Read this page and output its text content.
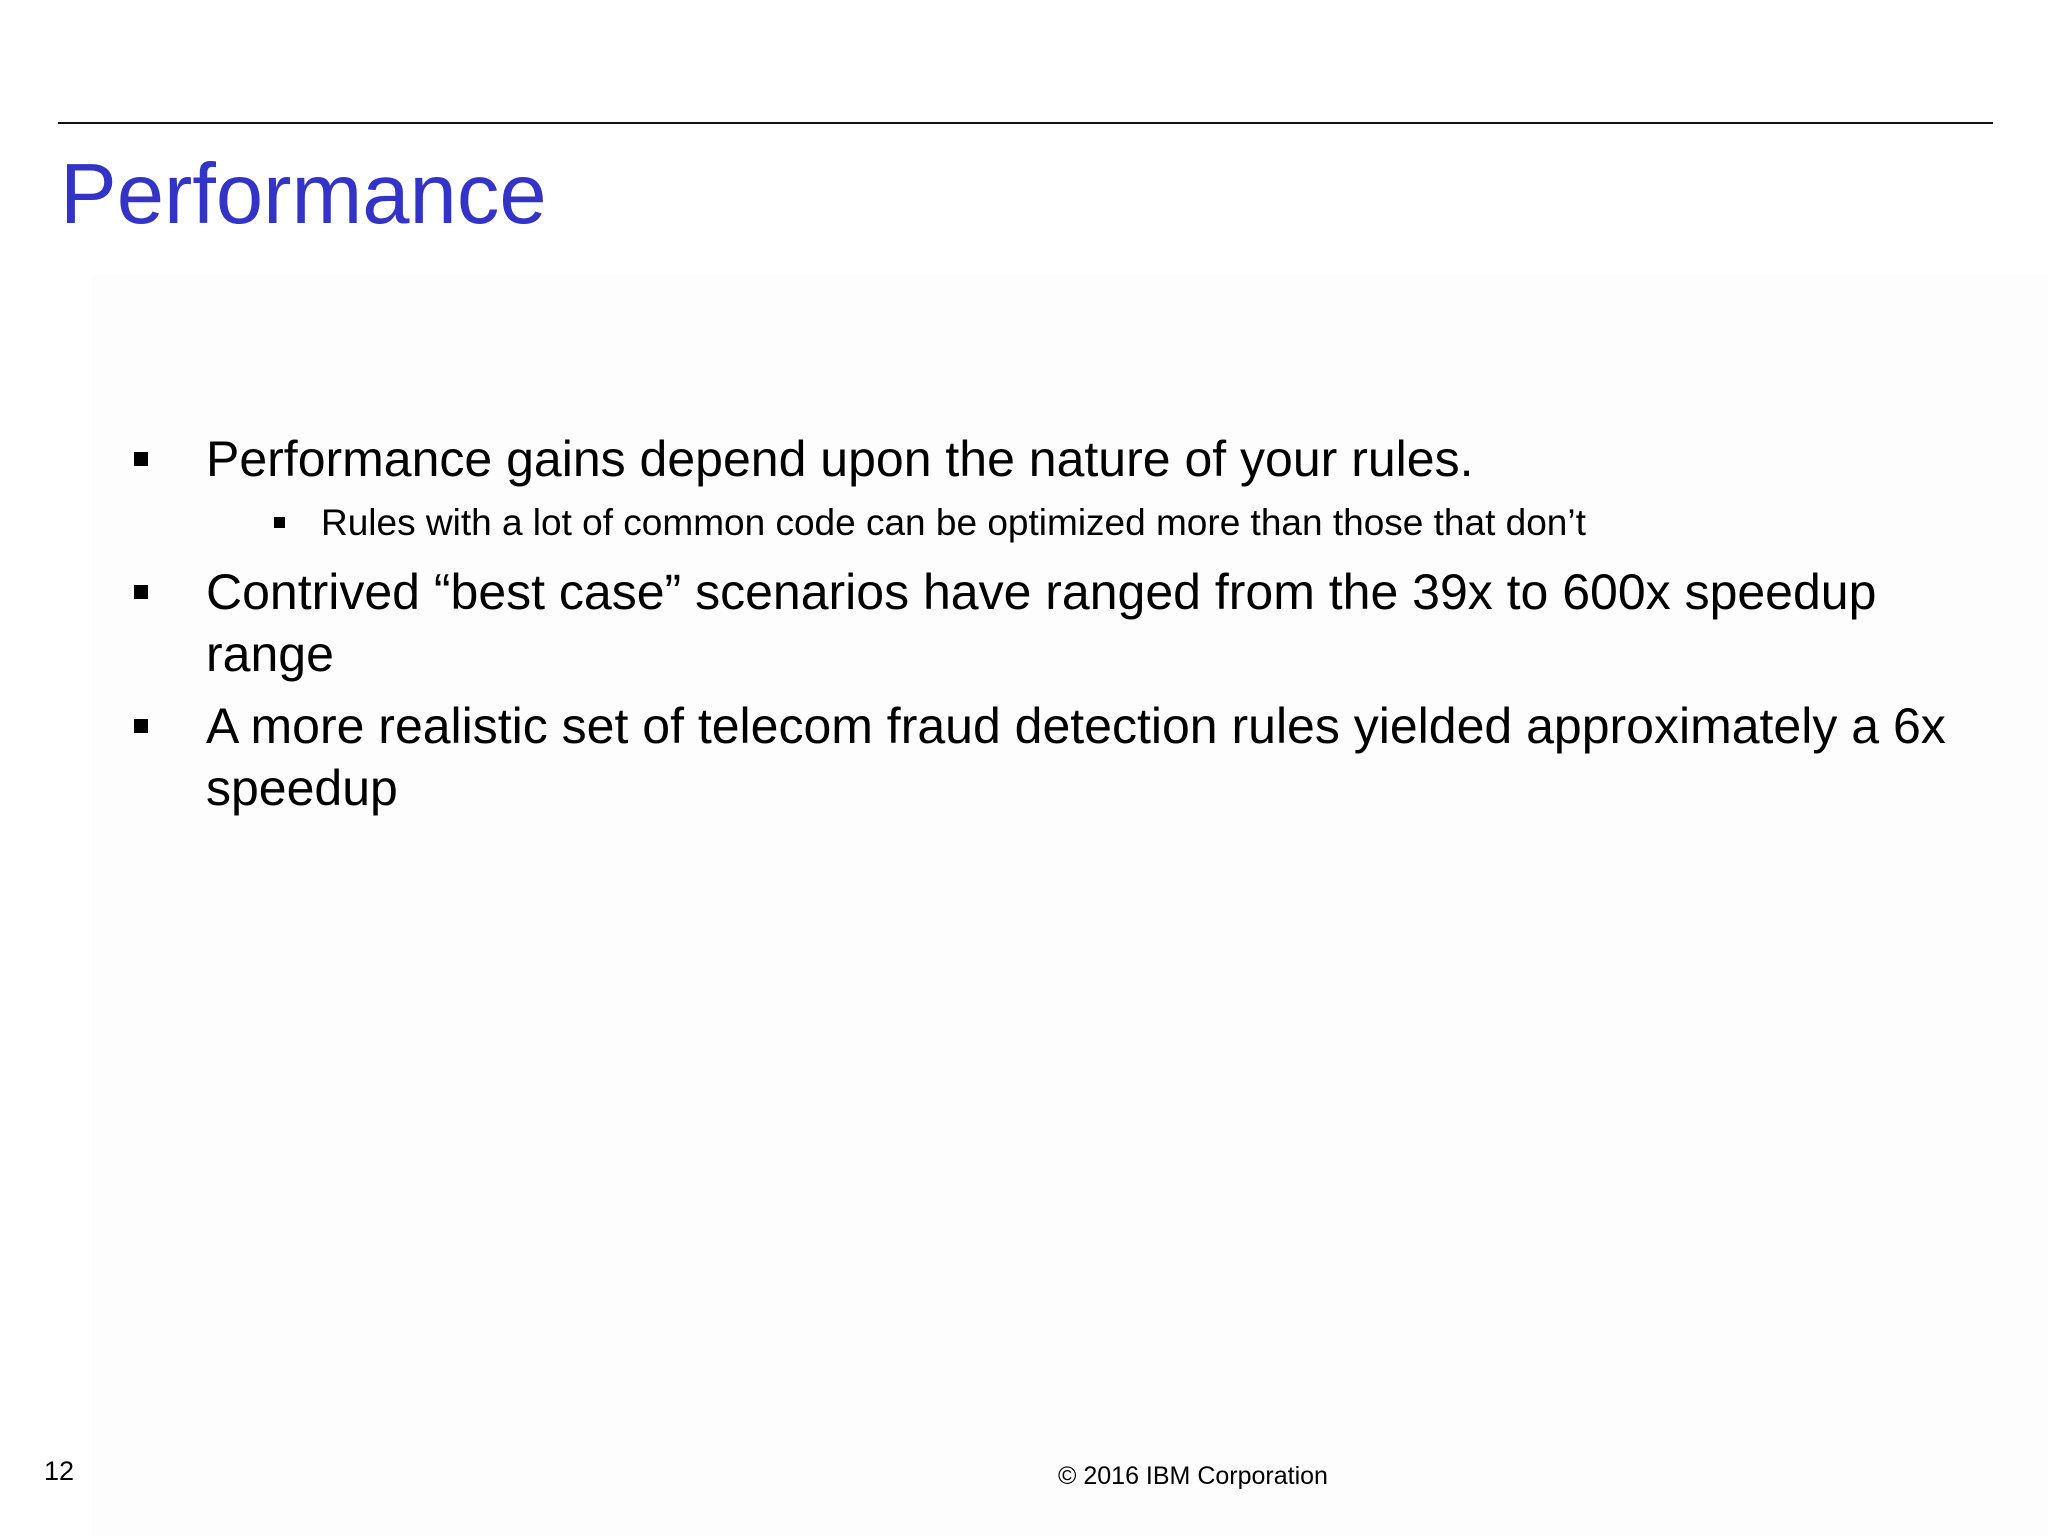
Performance
Performance gains depend upon the nature of your rules.
Rules with a lot of common code can be optimized more than those that don’t
Contrived “best case” scenarios have ranged from the 39x to 600x speedup range
A more realistic set of telecom fraud detection rules yielded approximately a 6x speedup
12	© 2016 IBM Corporation
